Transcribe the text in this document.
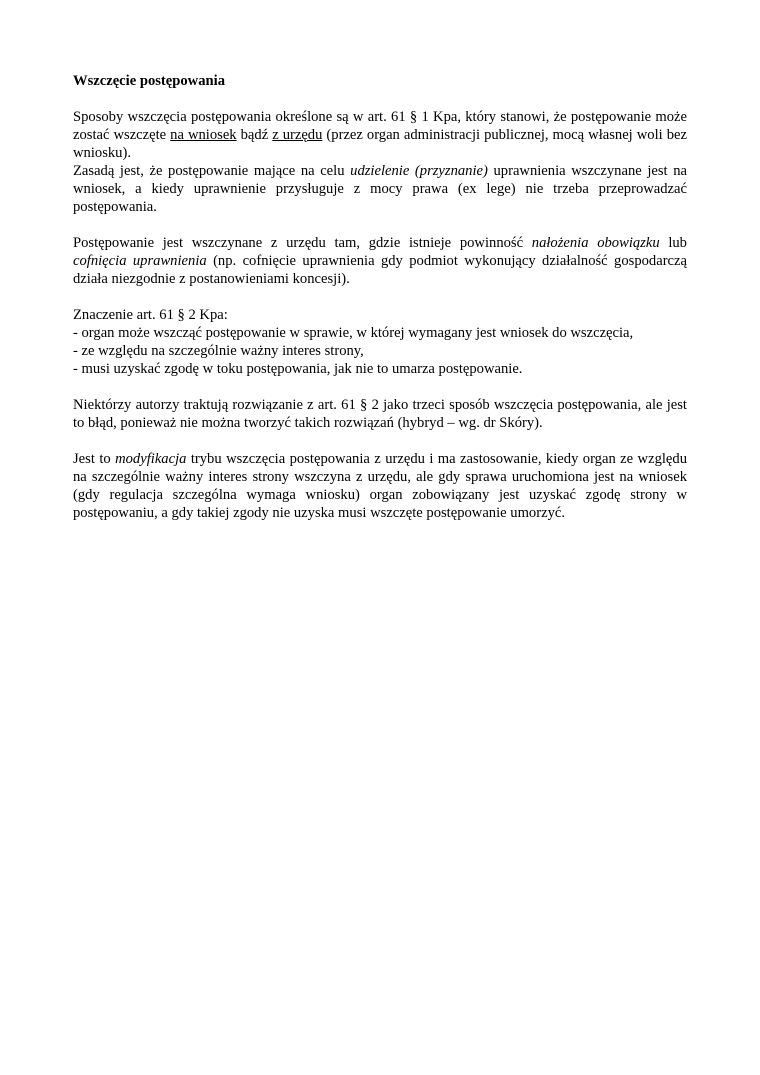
Wszczęcie postępowania

Sposoby wszczęcia postępowania określone są w art. 61 § 1 Kpa, który stanowi, że postępowanie może zostać wszczęte na wniosek bądź z urzędu (przez organ administracji publicznej, mocą własnej woli bez wniosku).

Zasadą jest, że postępowanie mające na celu udzielenie (przyznanie) uprawnienia wszczynane jest na wniosek, a kiedy uprawnienie przysługuje z mocy prawa (ex lege) nie trzeba przeprowadzać postępowania.

Postępowanie jest wszczynane z urzędu tam, gdzie istnieje powinność nałożenia obowiązku lub cofnięcia uprawnienia (np. cofnięcie uprawnienia gdy podmiot wykonujący działalność gospodarczą działa niezgodnie z postanowieniami koncesji).

Znaczenie art. 61 § 2 Kpa:

- organ może wszcząć postępowanie w sprawie, w której wymagany jest wniosek do wszczęcia,

- ze względu na szczególnie ważny interes strony,

- musi uzyskać zgodę w toku postępowania, jak nie to umarza postępowanie.

Niektórzy autorzy traktują rozwiązanie z art. 61 § 2 jako trzeci sposób wszczęcia postępowania, ale jest to błąd, ponieważ nie można tworzyć takich rozwiązań (hybryd – wg. dr Skóry).

Jest to modyfikacja trybu wszczęcia postępowania z urzędu i ma zastosowanie, kiedy organ ze względu na szczególnie ważny interes strony wszczyna z urzędu, ale gdy sprawa uruchomiona jest na wniosek (gdy regulacja szczególna wymaga wniosku) organ zobowiązany jest uzyskać zgodę strony w postępowaniu, a gdy takiej zgody nie uzyska musi wszczęte postępowanie umorzyć.
